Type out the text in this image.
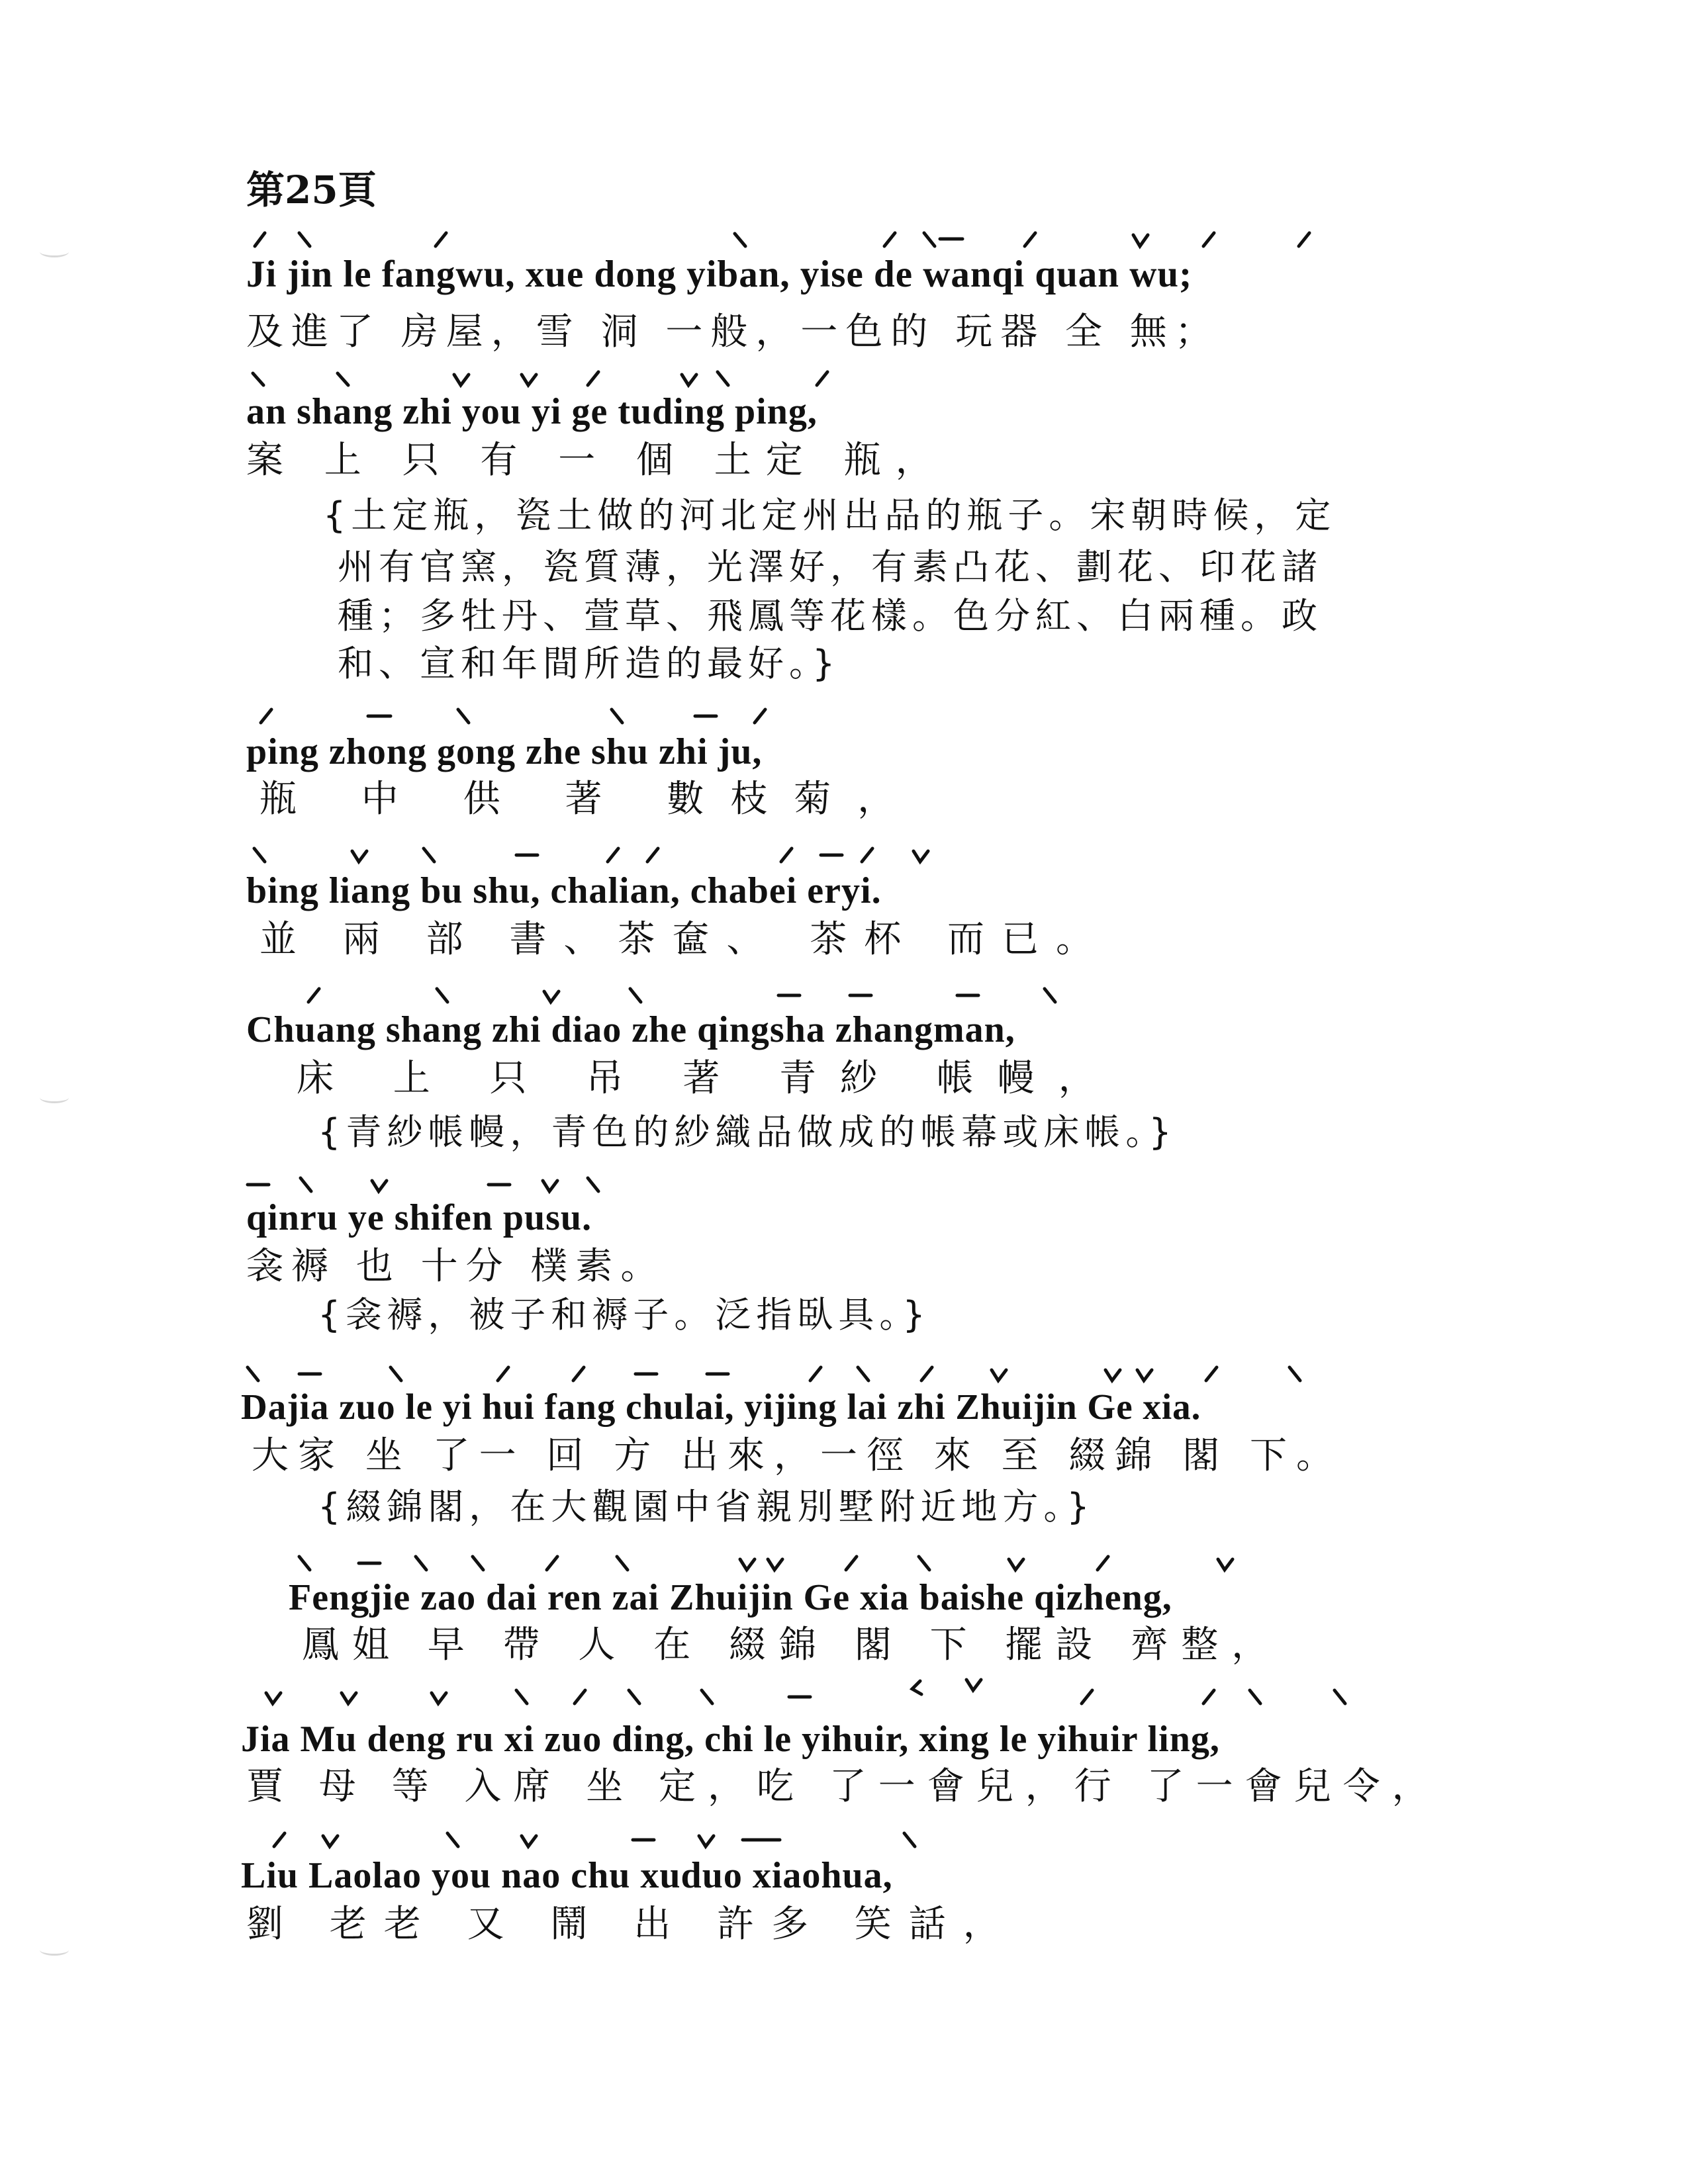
第25頁
Ji jin le fangwu, xue dong yiban, yise de wanqi quan wu;
及進了 房屋，雪 洞 一般，一色的 玩器 全 無；
an shang zhi you yi ge tuding ping,
案 上 只 有 一 個 土定 瓶，
{土定瓶，瓷土做的河北定州出品的瓶子。宋朝時候，定
州有官窯，瓷質薄，光澤好，有素凸花、劃花、印花諸
種；多牡丹、萱草、飛鳳等花樣。色分紅、白兩種。政
和、宣和年間所造的最好。}
ping zhong gong zhe shu zhi ju,
瓶 中 供 著 數枝菊，
bing liang bu shu, chalian, chabei eryi.
並 兩 部 書、茶奩、 茶杯 而已。
Chuang shang zhi diao zhe qingsha zhangman,
床 上 只 吊 著 青紗 帳幔，
{青紗帳幔，青色的紗織品做成的帳幕或床帳。}
qinru ye shifen pusu.
衾褥 也 十分 樸素。
{衾褥，被子和褥子。泛指臥具。}
Dajia zuo le yi hui fang chulai, yijing lai zhi Zhuijin Ge xia.
大家 坐 了一 回 方 出來，一徑 來 至 綴錦 閣 下。
{綴錦閣，在大觀園中省親別墅附近地方。}
Fengjie zao dai ren zai Zhuijin Ge xia baishe qizheng,
鳳姐 早 帶 人 在 綴錦 閣 下 擺設 齊整，
Jia Mu deng ru xi zuo ding, chi le yihuir, xing le yihuir ling,
賈 母 等 入席 坐 定，吃 了一會兒，行 了一會兒令，
Liu Laolao you nao chu xuduo xiaohua,
劉 老老 又 鬧 出 許多 笑話，
